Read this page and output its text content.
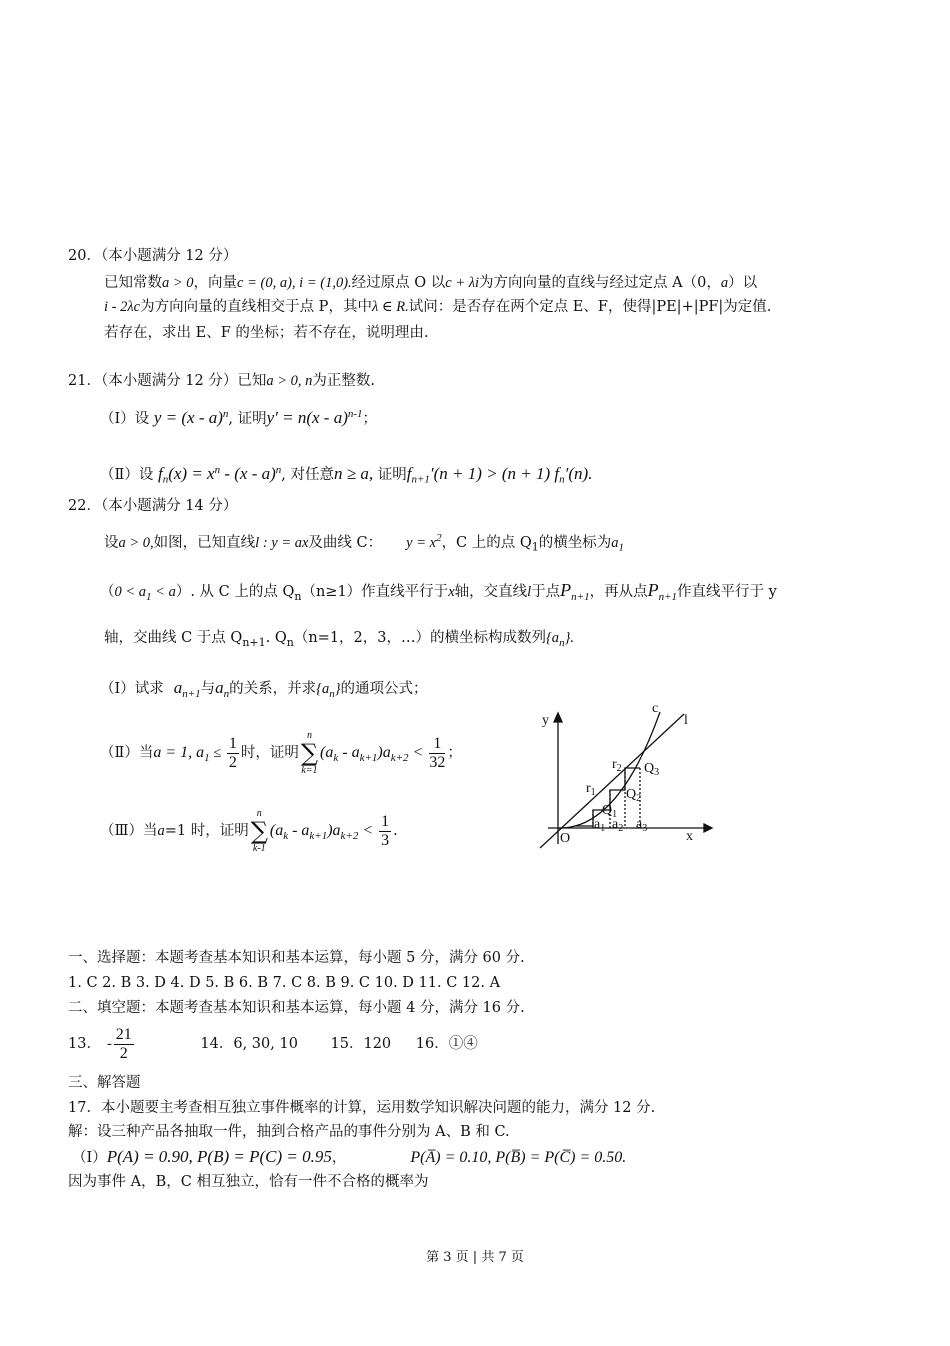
20．（本小题满分 12 分）
已知常数a > 0，向量c = (0, a), i = (1,0).经过原点 O 以c + λi为方向向量的直线与经过定点 A（0，a）以
i - 2λc为方向向量的直线相交于点 P，其中λ ∈ R.试问：是否存在两个定点 E、F，使得|PE|+|PF|为定值.
若存在，求出 E、F 的坐标；若不存在，说明理由.
21．（本小题满分 12 分）已知a > 0, n为正整数.
（Ⅰ）设 y = (x - a)$^n$, 证明y′ = n(x - a)$^{n-1}$；
（Ⅱ）设 $f_n(x) = x^n - (x - a)^n$, 对任意n ≥ a, 证明$f_{n+1}'(n + 1) > (n + 1)$ $f_n'(n)$.
22．（本小题满分 14 分）
设a > 0,如图，已知直线l : y = ax及曲线 C： $y = x^2$，C 上的点 $Q_1$的横坐标为$a_1$
$(0 < a_1 < a)$. 从 C 上的点 $Q_n(n\ge 1)$作直线平行于x轴，交直线l于点$P_{n+1}$，再从点$P_{n+1}$作直线平行于 y
轴，交曲线 C 于点 $Q_{n+1}$. $Q_n(n=1$，2，3，…）的横坐标构成数列$\{a_n\}$.
（Ⅰ）试求 $a_{n+1}$与$a_n$的关系，并求$\{a_n\}$的通项公式；
（Ⅱ）当a = 1, $a_1 \le \frac{1}{2}$ 时，证明
n
∑
k=1
$(a_k - a_{k+1})a_{k+2} < \frac{1}{32}$ ；
（Ⅲ）当a=1 时，证明
n
∑
k-1
$(a_k - a_{k+1})a_{k+2} < \frac{1}{3}$ .
y
x
O
c
l
$r_1$
$r_2$
$Q_1$
$Q_2$
$Q_3$
$a_1$ $a_2$ $a_3$
一、选择题：本题考查基本知识和基本运算，每小题 5 分，满分 60 分.
1. C 2. B 3. D 4. D 5. B 6. B 7. C 8. B 9. C 10. D 11. C 12. A
二、填空题：本题考查基本知识和基本运算，每小题 4 分，满分 16 分.
13． - $\frac{21}{2}$	14．6, 30, 10 15．120 16．①④
三、解答题
17．本小题要主考查相互独立事件概率的计算，运用数学知识解决问题的能力，满分 12 分.
解：设三种产品各抽取一件，抽到合格产品的事件分别为 A、B 和 C.
（Ⅰ）P(A) = 0.90, P(B) = P(C) = 0.95，	P(A̅) = 0.10, P(B̅) = P(C̅) = 0.50.
因为事件 A，B，C 相互独立，恰有一件不合格的概率为
第 3 页 | 共 7 页
